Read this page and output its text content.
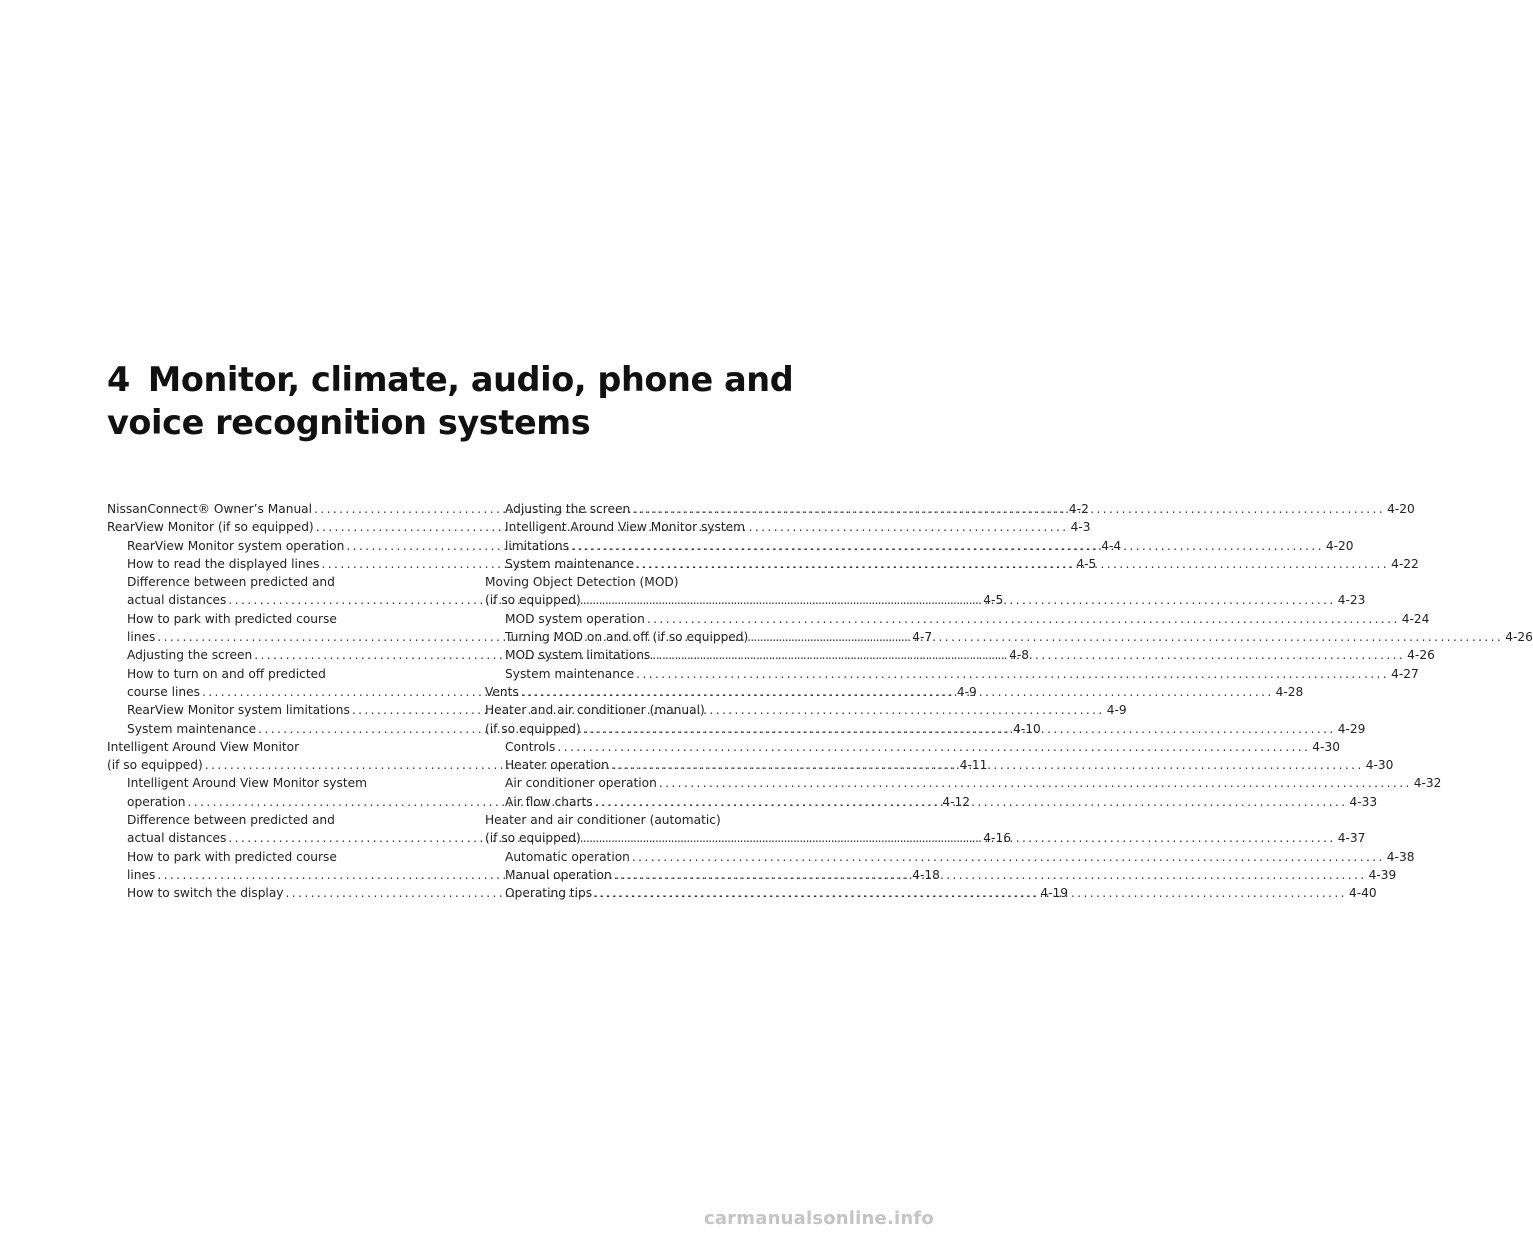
4 Monitor, climate, audio, phone and
voice recognition systems
NissanConnect® Owner’s Manual .....	4-2
RearView Monitor (if so equipped) .....	4-3
RearView Monitor system operation .....	4-4
How to read the displayed lines .....	4-5
Difference between predicted and
actual distances .....	4-5
How to park with predicted course
lines .....	4-7
Adjusting the screen .....	4-8
How to turn on and off predicted
course lines .....	4-9
RearView Monitor system limitations .....	4-9
System maintenance .....	4-10
Intelligent Around View Monitor
(if so equipped) .....	4-11
Intelligent Around View Monitor system
operation .....	4-12
Difference between predicted and
actual distances .....	4-16
How to park with predicted course
lines .....	4-18
How to switch the display .....	4-19
Adjusting the screen .....	4-20
Intelligent Around View Monitor system
limitations .....	4-20
System maintenance .....	4-22
Moving Object Detection (MOD)
(if so equipped) .....	4-23
MOD system operation .....	4-24
Turning MOD on and off (if so equipped) .....	4-26
MOD system limitations .....	4-26
System maintenance .....	4-27
Vents .....	4-28
Heater and air conditioner (manual)
(if so equipped) .....	4-29
Controls .....	4-30
Heater operation .....	4-30
Air conditioner operation .....	4-32
Air flow charts .....	4-33
Heater and air conditioner (automatic)
(if so equipped) .....	4-37
Automatic operation .....	4-38
Manual operation .....	4-39
Operating tips .....	4-40
carmanualsonline.info
